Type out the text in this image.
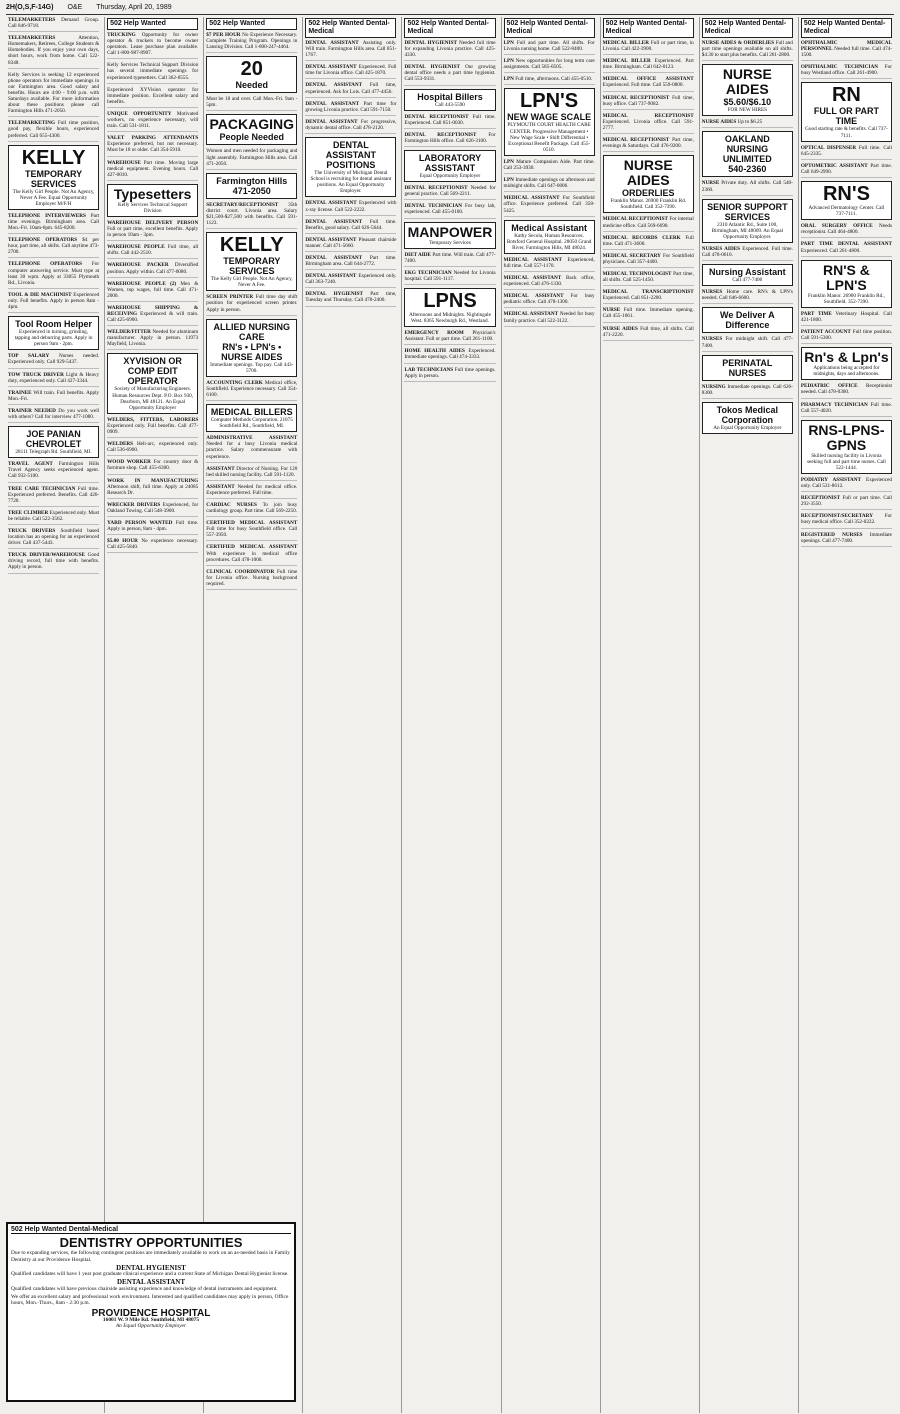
2H(O,S,F-14G) O&E Thursday, April 20, 1989
TELEMARKETERS Demand Group. Call 846-9718.
TELEMARKETERS	Attention, Homemakers, Retirees, College Students & Homebodies. If you enjoy your own days, short hours, work from home. Call 522-8348.
Kelly Services is seeking 12 experienced phone operators for immediate openings in our Farmington area. Good salary and benefits. Hours are 4:00 - 9:00 p.m. with Saturdays available. For more information about these positions please call Farmington Hills 471-2050.
TELEMARKETING Full time position, good pay, flexible hours, experienced preferred. Call 655-4300.
KELLY
TEMPORARY SERVICES
The Kelly Girl People. Not An Agency, Never A Fee. Equal Opportunity Employer M/F/H
TELEPHONE INTERVIEWERS Part time evenings. Birmingham area. Call Mon.-Fri. 10am-6pm. 645-8200.
TELEPHONE OPERATORS $4 per hour, part time, all shifts. Call anytime 473-2700.
TELEPHONE OPERATORS For computer answering service. Must type at least 30 wpm. Apply at 33055 Plymouth Rd., Livonia.
TOOL & DIE MACHINIST Experienced only. Full benefits. Apply in person 8am - 4pm.
Tool Room Helper
Experienced in turning, grinding, tapping and deburring parts. Apply in person 9am - 2pm.
TOP SALARY Nurses needed. Experienced only. Call 929-5437.
TOW TRUCK DRIVER Light & Heavy duty, experienced only. Call 427-3344.
TRAINEE Will train. Full benefits. Apply Mon.-Fri.
TRAINER NEEDED Do you work well with others? Call for interview 477-1080.
JOE PANIAN CHEVROLET
28111 Telegraph Rd. Southfield, MI.
TRAVEL AGENT Farmington Hills Travel Agency seeks experienced agent. Call 932-5100.
TREE CARE TECHNICIAN Full time. Experienced preferred. Benefits. Call 426-7720.
TREE CLIMBER Experienced only. Must be reliable. Call 522-3562.
TRUCK DRIVERS Southfield based location has an opening for an experienced driver. Call 437-5443.
TRUCK DRIVER/WAREHOUSE Good driving record, full time with benefits. Apply in person.
502 Help Wanted
TRUCKING Opportunity for owner operator & truckers to become owner operators. Lease purchase plan available. Call 1-800-987-8907.
Kelly Services Technical Support Division has several immediate openings for experienced typesetters. Call 362-0555.
Experienced XYVision operator for immediate position. Excellent salary and benefits.
UNIQUE OPPORTUNITY Motivated workers, no experience necessary, will train. Call 531-1811.
VALET PARKING ATTENDANTS Experience preferred, but not necessary. Must be 18 or older. Call 354-5910.
WAREHOUSE Part time. Moving large medical equipment. Evening hours. Call 427-0010.
Typesetters
Kelly Services Technical Support Division
WAREHOUSE DELIVERY PERSON Full or part time, excellent benefits. Apply in person 10am - 3pm.
WAREHOUSE PEOPLE Full time, all shifts. Call 442-2510.
WAREHOUSE PACKER Diversified position. Apply within. Call 477-0080.
WAREHOUSE PEOPLE (2) Men & Women, top wages, full time. Call 471-2000.
WAREHOUSE SHIPPING & RECEIVING Experienced & will train. Call 425-6900.
WELDER/FITTER Needed for aluminum manufacturer. Apply in person. 11973 Mayfield, Livonia.
XYVISION OR COMP EDIT OPERATOR
Society of Manufacturing Engineers. Human Resources Dept. P.O. Box 930, Dearborn, MI 48121. An Equal Opportunity Employer
WELDERS, FITTERS, LABORERS Experienced only. Full benefits. Call 477-0909.
WELDERS Heli-arc, experienced only. Call 536-6900.
WOOD WORKER For country door & furniture shop. Call 455-6300.
WORK IN MANUFACTURING Afternoon shift, full time. Apply at 24085 Research Dr.
WRECKER DRIVERS Experienced, for Oakland Towing. Call 548-3900.
YARD PERSON WANTED Full time. Apply in person, 8am - 4pm.
$5.00 HOUR No experience necessary. Call 425-5840.
502 Help Wanted
$7 PER HOUR No Experience Necessary. Complete Training Program. Openings in Lansing Division. Call 1-800-247-4464.
20
Needed
Must be 18 and over. Call Mon.-Fri. 9am - 5pm.
PACKAGING
People Needed
Women and men needed for packaging and light assembly. Farmington Hills area. Call 471-2050.
Farmington Hills
471-2050
SECRETARY/RECEPTIONIST 35th district court. Livonia area. Salary $21,500-$27,500 with benefits. Call 591-1123.
KELLY
TEMPORARY SERVICES
The Kelly Girl People. Not An Agency, Never A Fee.
SCREEN PRINTER Full time day shift position for experienced screen printer. Apply in person.
ALLIED NURSING CARE
RN's • LPN's • NURSE AIDES
Immediate openings. Top pay. Call 443-5700.
ACCOUNTING CLERK Medical office, Southfield. Experience necessary. Call 354-6100.
MEDICAL BILLERS
Computer Methods Corporation. 21075 Southfield Rd., Southfield, MI.
ADMINISTRATIVE ASSISTANT Needed for a busy Livonia medical practice. Salary commensurate with experience.
ASSISTANT Director of Nursing. For 120 bed skilled nursing facility. Call 591-1120.
ASSISTANT Needed for medical office. Experience preferred. Full time.
CARDIAC NURSES To join busy cardiology group. Part time. Call 569-2250.
CERTIFIED MEDICAL ASSISTANT Full time for busy Southfield office. Call 557-3950.
CERTIFIED MEDICAL ASSISTANT With experience in medical office procedures. Call 478-1000.
CLINICAL COORDINATOR Full time for Livonia office. Nursing background required.
502 Help Wanted Dental-Medical
DENTAL ASSISTANT Assisting only. Will train. Farmington Hills area. Call 851-1767.
DENTAL ASSISTANT Experienced. Full time for Livonia office. Call 425-1870.
DENTAL ASSISTANT Full time, experienced. Ask for Lois. Call 477-4456.
DENTAL ASSISTANT Part time for growing Livonia practice. Call 591-7150.
DENTAL ASSISTANT For progressive, dynamic dental office. Call 478-2120.
DENTAL ASSISTANT POSITIONS
The University of Michigan Dental School is recruiting for dental assistant positions. An Equal Opportunity Employer.
DENTAL ASSISTANT Experienced with x-ray license. Call 522-2222.
DENTAL ASSISTANT Full time. Benefits, good salary. Call 626-5644.
DENTAL ASSISTANT Pleasant chairside manner. Call 471-5660.
DENTAL ASSISTANT Part time. Birmingham area. Call 644-2772.
DENTAL ASSISTANT Experienced only. Call 363-7240.
DENTAL HYGIENIST Part time, Tuesday and Thursday. Call 478-2400.
502 Help Wanted Dental-Medical
DENTAL HYGIENIST Needed full time for expanding Livonia practice. Call 425-4330.
DENTAL HYGIENIST Our growing dental office needs a part time hygienist. Call 553-9331.
Hospital Billers
Call 443-5590
DENTAL RECEPTIONIST Full time. Experienced. Call 851-0030.
DENTAL RECEPTIONIST For Farmington Hills office. Call 626-3100.
LABORATORY ASSISTANT
Equal Opportunity Employer
DENTAL RECEPTIONIST Needed for general practice. Call 569-2211.
DENTAL TECHNICIAN For busy lab, experienced. Call 455-0100.
MANPOWER
Temporary Services
DIET AIDE Part time. Will train. Call 477-7400.
EKG TECHNICIAN Needed for Livonia hospital. Call 591-1117.
LPNS
Afternoons and Midnights. Nightingale West. 8365 Newburgh Rd., Westland.
EMERGENCY ROOM Physician's Assistant. Full or part time. Call 261-1100.
HOME HEALTH AIDES Experienced. Immediate openings. Call 474-3333.
LAB TECHNICIANS Full time openings. Apply in person.
502 Help Wanted Dental-Medical
LPN Full and part time. All shifts. For Livonia nursing home. Call 522-8400.
LPN New opportunities for long term care assignments. Call 585-0505.
LPN Full time, afternoons. Call 455-0510.
LPN'S
NEW WAGE SCALE
PLYMOUTH COURT HEALTH CARE CENTER. Progressive Management • New Wage Scale • Shift Differential • Exceptional Benefit Package. Call 455-0510.
LPN Mature Companion Aide. Part time. Call 253-3930.
LPN Immediate openings on afternoon and midnight shifts. Call 647-0006.
MEDICAL ASSISTANT For Southfield office. Experience preferred. Call 358-5425.
Medical Assistant
Kathy Secola, Human Resources. Botsford General Hospital. 28050 Grand River, Farmington Hills, MI 48024.
MEDICAL ASSISTANT Experienced, full time. Call 557-1170.
MEDICAL ASSISTANT Back office, experienced. Call 476-1330.
MEDICAL ASSISTANT For busy pediatric office. Call 478-1300.
MEDICAL ASSISTANT Needed for busy family practice. Call 522-3122.
502 Help Wanted Dental-Medical
MEDICAL BILLER Full or part time, in Livonia. Call 422-3900.
MEDICAL BILLER Experienced. Part time. Birmingham. Call 642-0123.
MEDICAL OFFICE ASSISTANT Experienced. Full time. Call 559-0800.
MEDICAL RECEPTIONIST Full time, busy office. Call 737-9082.
MEDICAL RECEPTIONIST Experienced. Livonia office. Call 591-2777.
MEDICAL RECEPTIONIST Part time, evenings & Saturdays. Call 476-9200.
NURSE AIDES
ORDERLIES
Franklin Manor. 26900 Franklin Rd. Southfield. Call 352-7390.
MEDICAL RECEPTIONIST For internal medicine office. Call 569-6690.
MEDICAL RECORDS CLERK Full time. Call 471-3600.
MEDICAL SECRETARY For Southfield physicians. Call 357-4400.
MEDICAL TECHNOLOGIST Part time, all shifts. Call 525-1450.
MEDICAL TRANSCRIPTIONIST Experienced. Call 851-2200.
NURSE Full time. Immediate opening. Call 455-1661.
NURSE AIDES Full time, all shifts. Call 471-2220.
502 Help Wanted Dental-Medical
NURSE AIDES & ORDERLIES Full and part time openings available on all shifts. $4.30 to start plus benefits. Call 261-2800.
NURSE AIDES
$5.60/$6.10
FOR NEW HIRES
NURSE AIDES Up to $6.25
OAKLAND NURSING UNLIMITED
540-2360
NURSE Private duty. All shifts. Call 540-2360.
SENIOR SUPPORT SERVICES
2310 Atlantic Rd., Suite 100, Birmingham, MI 48009. An Equal Opportunity Employer.
NURSES AIDES Experienced. Full time. Call 478-0610.
Nursing Assistant
Call 477-7400
NURSES Home care. RN's & LPN's needed. Call 646-6600.
We Deliver A Difference
NURSES For midnight shift. Call 477-7400.
PERINATAL NURSES
NURSING Immediate openings. Call 626-8300.
Tokos Medical Corporation
An Equal Opportunity Employer
502 Help Wanted Dental-Medical
OPHTHALMIC MEDICAL PERSONNEL Needed full time. Call 474-1500.
OPHTHALMIC TECHNICIAN For busy Westland office. Call 261-4900.
RN
FULL OR PART TIME
Good starting rate & benefits. Call 737-7111.
OPTICAL DISPENSER Full time. Call 645-2335.
OPTOMETRIC ASSISTANT Part time. Call 649-2990.
RN'S
Advanced Dermatology Center. Call 737-7111.
ORAL SURGERY OFFICE Needs receptionist. Call 464-4800.
PART TIME DENTAL ASSISTANT Experienced. Call 261-4800.
RN'S & LPN'S
Franklin Manor. 26900 Franklin Rd., Southfield. 352-7390.
PART TIME Veterinary Hospital. Call 421-1800.
PATIENT ACCOUNT Full time position. Call 591-5300.
Rn's & Lpn's
Applications being accepted for midnights, days and afternoons.
PEDIATRIC OFFICE Receptionist needed. Call 478-0300.
PHARMACY TECHNICIAN Full time. Call 557-4020.
RNS-LPNS-GPNS
Skilled nursing facility in Livonia seeking full and part time nurses. Call 522-1444.
PODIATRY ASSISTANT Experienced only. Call 531-8612.
RECEPTIONIST Full or part time. Call 292-3550.
RECEPTIONIST/SECRETARY For busy medical office. Call 352-0222.
REGISTERED NURSES Immediate openings. Call 477-7400.
502 Help Wanted Dental-Medical
DENTISTRY OPPORTUNITIES
Due to expanding services, the following contingent positions are immediately available to work on an as-needed basis in Family Dentistry at our Providence Hospital.
DENTAL HYGIENIST
Qualified candidates will have 1 year post graduate clinical experience and a current State of Michigan Dental Hygienist license.
DENTAL ASSISTANT
Qualified candidates will have previous chairside assisting experience and knowledge of dental instruments and equipment.
We offer an excellent salary and professional work environment. Interested and qualified candidates may apply in person, Office hours, Mon.-Thurs., 8am - 2:30 p.m.
PROVIDENCE HOSPITAL
16001 W. 9 Mile Rd. Southfield, MI 48075
An Equal Opportunity Employer
